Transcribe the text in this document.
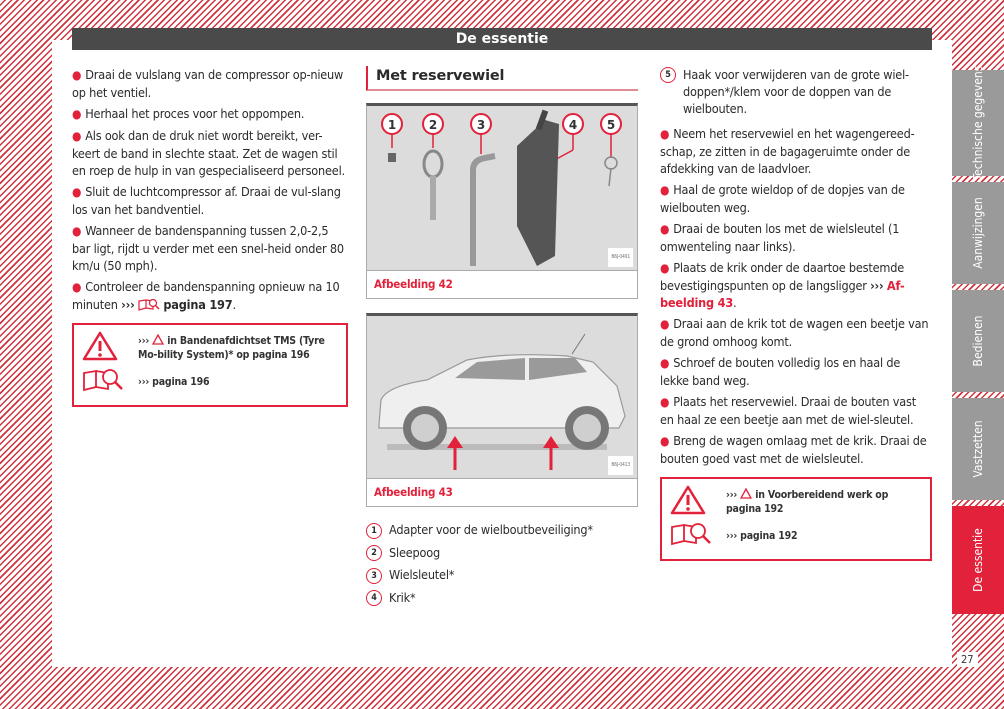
De essentie

● Draai de vulslang van de compressor op-nieuw op het ventiel.

● Herhaal het proces voor het oppompen.

● Als ook dan de druk niet wordt bereikt, ver-keert de band in slechte staat. Zet de wagen stil en roep de hulp in van gespecialiseerd personeel.

● Sluit de luchtcompressor af. Draai de vul-slang los van het bandventiel.

● Wanneer de bandenspanning tussen 2,0-2,5 bar ligt, rijdt u verder met een snel-heid onder 80 km/u (50 mph).

● Controleer de bandenspanning opnieuw na 10 minuten ››› pagina 197.

››› in Bandenafdichtset TMS (Tyre Mo-bility System)* op pagina 196
››› pagina 196
Met reservewiel
1	2	3	4 5
B6J-0491
Afbeelding 42
B6J-0413
Afbeelding 43
1 Adapter voor de wielboutbeveiliging*
2 Sleepoog
3 Wielsleutel*
4 Krik*
5 Haak voor verwijderen van de grote wiel-doppen*/klem voor de doppen van de wielbouten.

● Neem het reservewiel en het wagengereed-schap, ze zitten in de bagageruimte onder de afdekking van de laadvloer.

● Haal de grote wieldop of de dopjes van de wielbouten weg.

● Draai de bouten los met de wielsleutel (1 omwenteling naar links).

● Plaats de krik onder de daartoe bestemde bevestigingspunten op de langsligger ››› Af-beelding 43.

● Draai aan de krik tot de wagen een beetje van de grond omhoog komt.

● Schroef de bouten volledig los en haal de lekke band weg.

● Plaats het reservewiel. Draai de bouten vast en haal ze een beetje aan met de wiel-sleutel.

● Breng de wagen omlaag met de krik. Draai de bouten goed vast met de wielsleutel.

››› in Voorbereidend werk op pagina 192
››› pagina 192
Technische gegevens
Aanwijzingen
Bedienen
Vastzetten
De essentie
27
